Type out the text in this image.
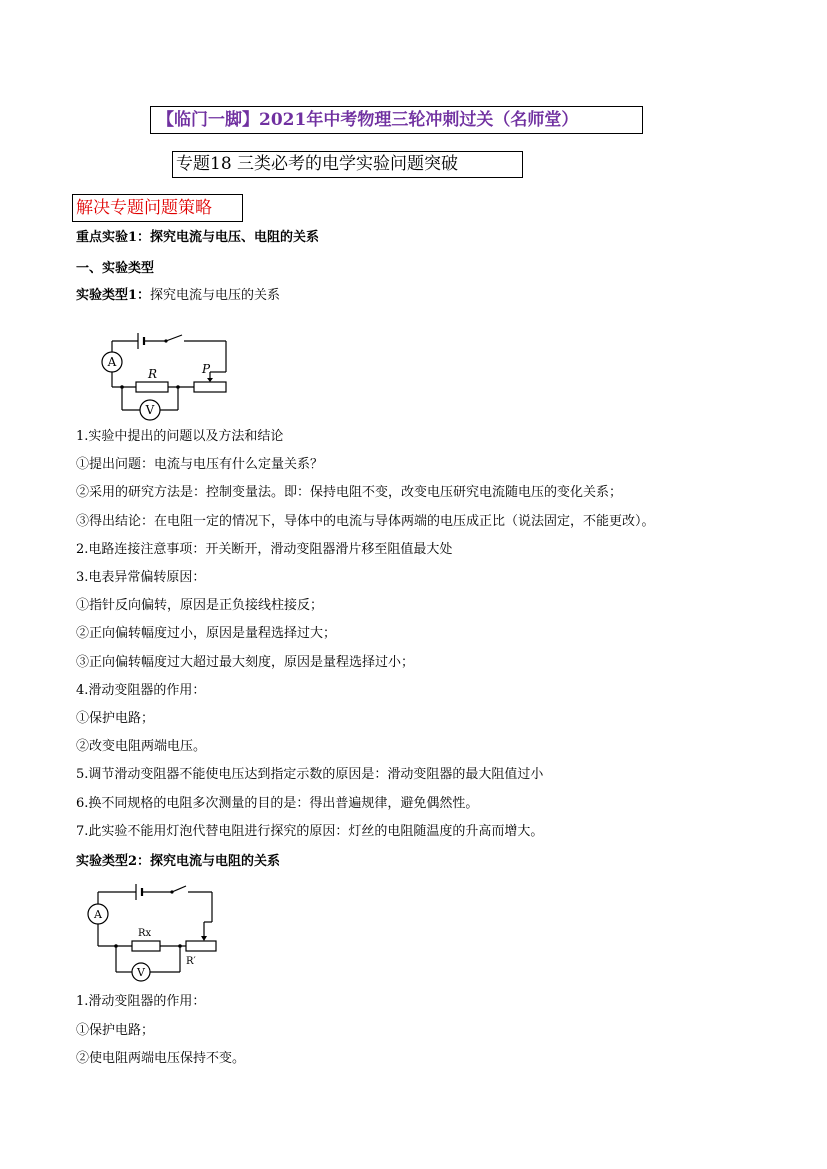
【临门一脚】2021年中考物理三轮冲刺过关（名师堂）
专题18 三类必考的电学实验问题突破
解决专题问题策略
重点实验1：探究电流与电压、电阻的关系
一、实验类型
实验类型1：探究电流与电压的关系
A
V
R	P
1.实验中提出的问题以及方法和结论
①提出问题：电流与电压有什么定量关系？
②采用的研究方法是：控制变量法。即：保持电阻不变，改变电压研究电流随电压的变化关系；
③得出结论：在电阻一定的情况下，导体中的电流与导体两端的电压成正比（说法固定，不能更改）。
2.电路连接注意事项：开关断开，滑动变阻器滑片移至阻值最大处
3.电表异常偏转原因：
①指针反向偏转，原因是正负接线柱接反；
②正向偏转幅度过小，原因是量程选择过大；
③正向偏转幅度过大超过最大刻度，原因是量程选择过小；
4.滑动变阻器的作用：
①保护电路；
②改变电阻两端电压。
5.调节滑动变阻器不能使电压达到指定示数的原因是：滑动变阻器的最大阻值过小
6.换不同规格的电阻多次测量的目的是：得出普遍规律，避免偶然性。
7.此实验不能用灯泡代替电阻进行探究的原因：灯丝的电阻随温度的升高而增大。
实验类型2：探究电流与电阻的关系
A
V
Rx
R′
1.滑动变阻器的作用：
①保护电路；
②使电阻两端电压保持不变。
